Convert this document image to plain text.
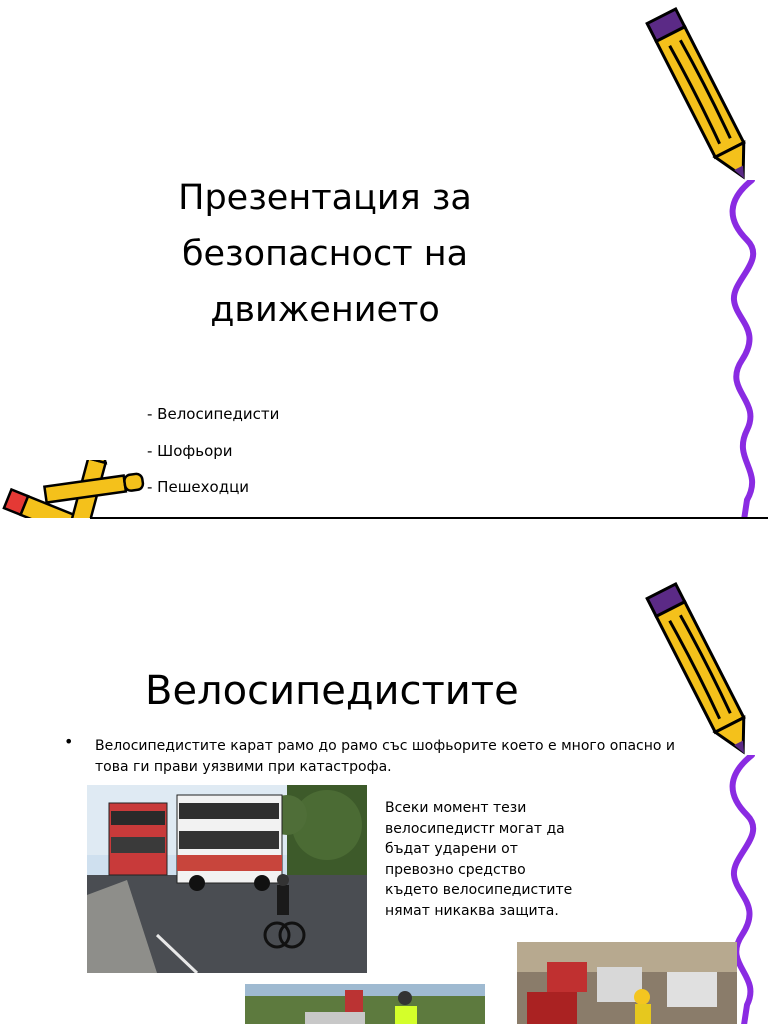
Презентация за безопасност на движението
- Велосипедисти
- Шофьори
- Пешеходци
Велосипедистите
• Велосипедистите карат рамо до рамо със шофьорите което е много опасно и това ги прави уязвими при катастрофа.
Всеки момент тези велосипедистr могат да бъдат ударени от превозно средство където велосипедистите нямат никаква защита.
